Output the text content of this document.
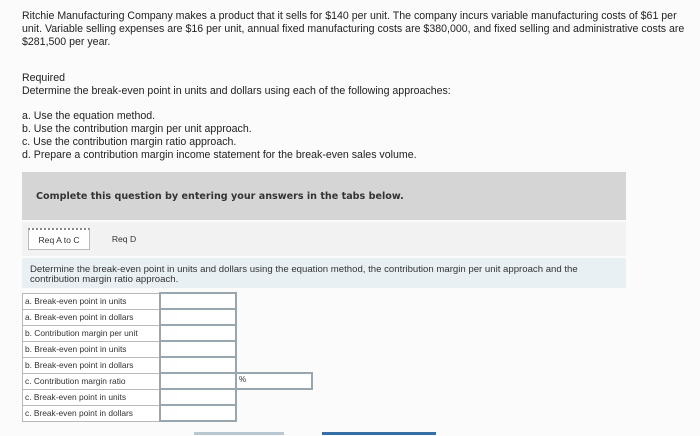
Ritchie Manufacturing Company makes a product that it sells for $140 per unit. The company incurs variable manufacturing costs of $61 per unit. Variable selling expenses are $16 per unit, annual fixed manufacturing costs are $380,000, and fixed selling and administrative costs are $281,500 per year.
Required
Determine the break-even point in units and dollars using each of the following approaches:
a. Use the equation method.
b. Use the contribution margin per unit approach.
c. Use the contribution margin ratio approach.
d. Prepare a contribution margin income statement for the break-even sales volume.
Complete this question by entering your answers in the tabs below.
Req A to C	Req D
Determine the break-even point in units and dollars using the equation method, the contribution margin per unit approach and the contribution margin ratio approach.
a. Break-even point in units	
a. Break-even point in dollars	
b. Contribution margin per unit	
b. Break-even point in units	
b. Break-even point in dollars	
c. Contribution margin ratio		%

c. Break-even point in units	
c. Break-even point in dollars	
